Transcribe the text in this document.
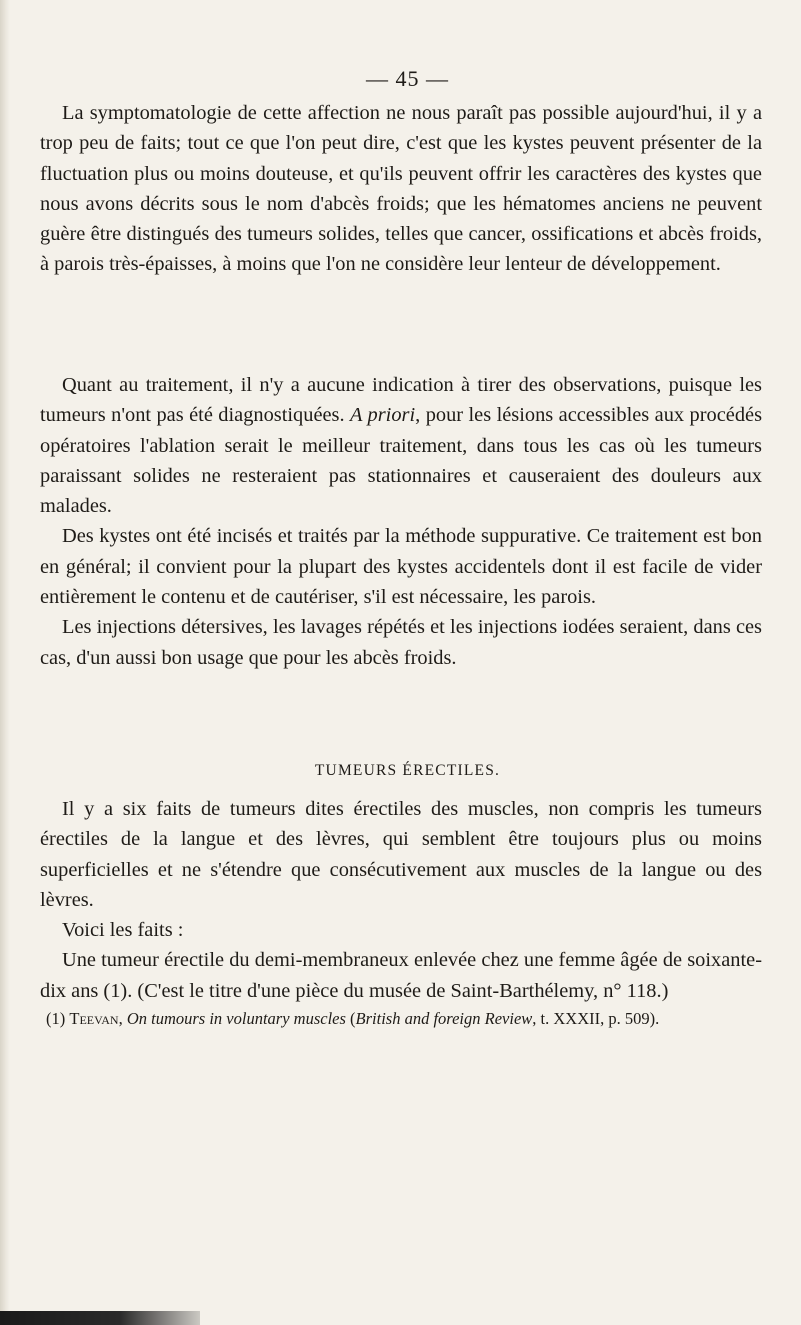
— 45 —

La symptomatologie de cette affection ne nous paraît pas possible aujourd'hui, il y a trop peu de faits; tout ce que l'on peut dire, c'est que les kystes peuvent présenter de la fluctuation plus ou moins douteuse, et qu'ils peuvent offrir les caractères des kystes que nous avons décrits sous le nom d'abcès froids; que les hématomes anciens ne peuvent guère être distingués des tumeurs solides, telles que cancer, ossifications et abcès froids, à parois très-épaisses, à moins que l'on ne considère leur lenteur de développement.

Quant au traitement, il n'y a aucune indication à tirer des observations, puisque les tumeurs n'ont pas été diagnostiquées. A priori, pour les lésions accessibles aux procédés opératoires l'ablation serait le meilleur traitement, dans tous les cas où les tumeurs paraissant solides ne resteraient pas stationnaires et causeraient des douleurs aux malades.

Des kystes ont été incisés et traités par la méthode suppurative. Ce traitement est bon en général; il convient pour la plupart des kystes accidentels dont il est facile de vider entièrement le contenu et de cautériser, s'il est nécessaire, les parois.

Les injections détersives, les lavages répétés et les injections iodées seraient, dans ces cas, d'un aussi bon usage que pour les abcès froids.

TUMEURS ÉRECTILES.

Il y a six faits de tumeurs dites érectiles des muscles, non compris les tumeurs érectiles de la langue et des lèvres, qui semblent être toujours plus ou moins superficielles et ne s'étendre que consécutivement aux muscles de la langue ou des lèvres.

Voici les faits :

Une tumeur érectile du demi-membraneux enlevée chez une femme âgée de soixante-dix ans (1). (C'est le titre d'une pièce du musée de Saint-Barthélemy, n° 118.)

(1) Teevan, On tumours in voluntary muscles (British and foreign Review, t. XXXII, p. 509).
